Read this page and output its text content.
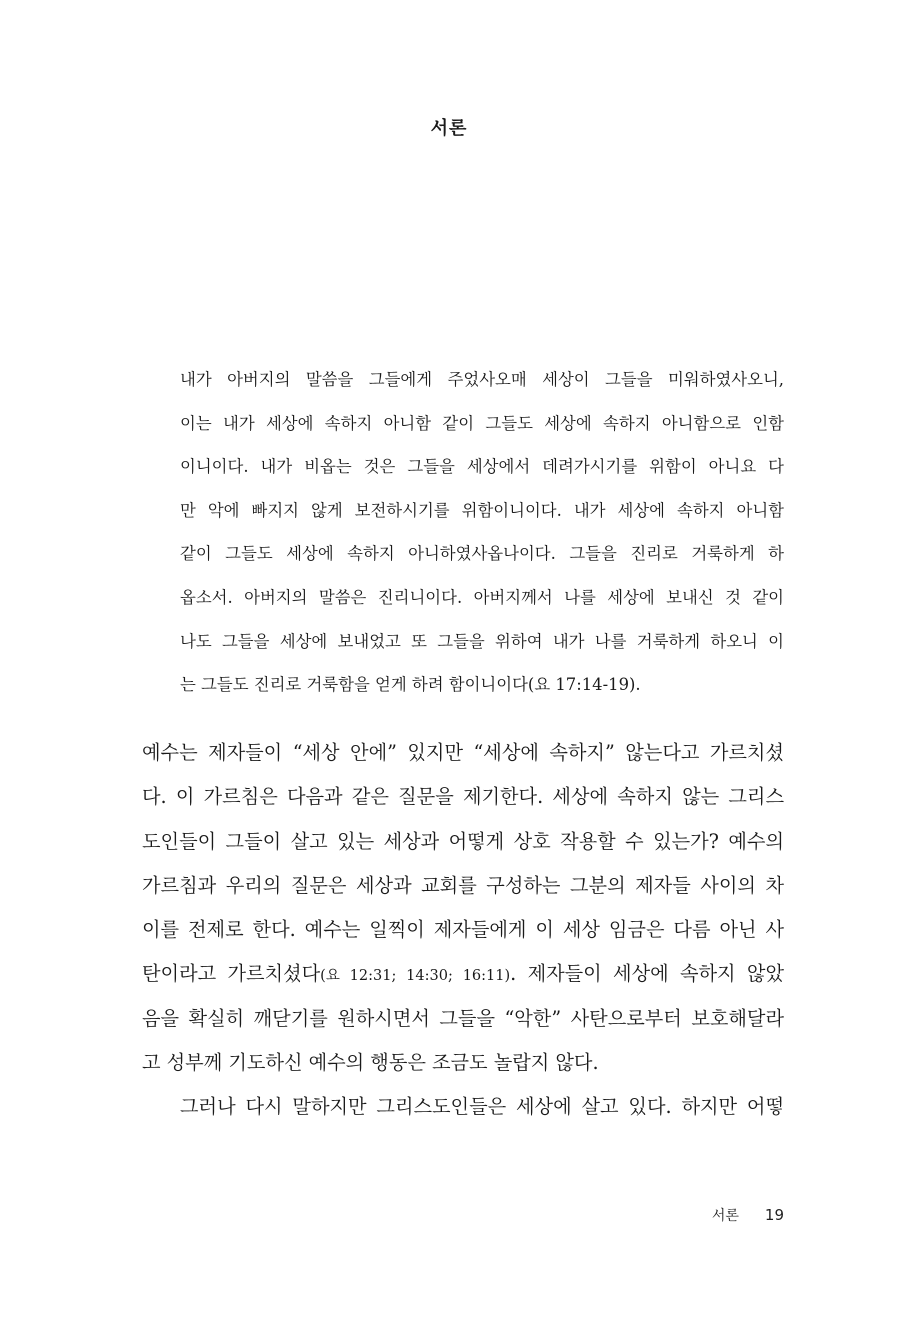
서론
내가 아버지의 말씀을 그들에게 주었사오매 세상이 그들을 미워하였사오니,
이는 내가 세상에 속하지 아니함 같이 그들도 세상에 속하지 아니함으로 인함
이니이다. 내가 비옵는 것은 그들을 세상에서 데려가시기를 위함이 아니요 다
만 악에 빠지지 않게 보전하시기를 위함이니이다. 내가 세상에 속하지 아니함
같이 그들도 세상에 속하지 아니하였사옵나이다. 그들을 진리로 거룩하게 하
옵소서. 아버지의 말씀은 진리니이다. 아버지께서 나를 세상에 보내신 것 같이
나도 그들을 세상에 보내었고 또 그들을 위하여 내가 나를 거룩하게 하오니 이
는 그들도 진리로 거룩함을 얻게 하려 함이니이다(요 17:14-19).
예수는 제자들이 “세상 안에” 있지만 “세상에 속하지” 않는다고 가르치셨
다. 이 가르침은 다음과 같은 질문을 제기한다. 세상에 속하지 않는 그리스
도인들이 그들이 살고 있는 세상과 어떻게 상호 작용할 수 있는가? 예수의
가르침과 우리의 질문은 세상과 교회를 구성하는 그분의 제자들 사이의 차
이를 전제로 한다. 예수는 일찍이 제자들에게 이 세상 임금은 다름 아닌 사
탄이라고 가르치셨다(요 12:31; 14:30; 16:11). 제자들이 세상에 속하지 않았
음을 확실히 깨닫기를 원하시면서 그들을 “악한” 사탄으로부터 보호해달라
고 성부께 기도하신 예수의 행동은 조금도 놀랍지 않다.
그러나 다시 말하지만 그리스도인들은 세상에 살고 있다. 하지만 어떻
서론 19
